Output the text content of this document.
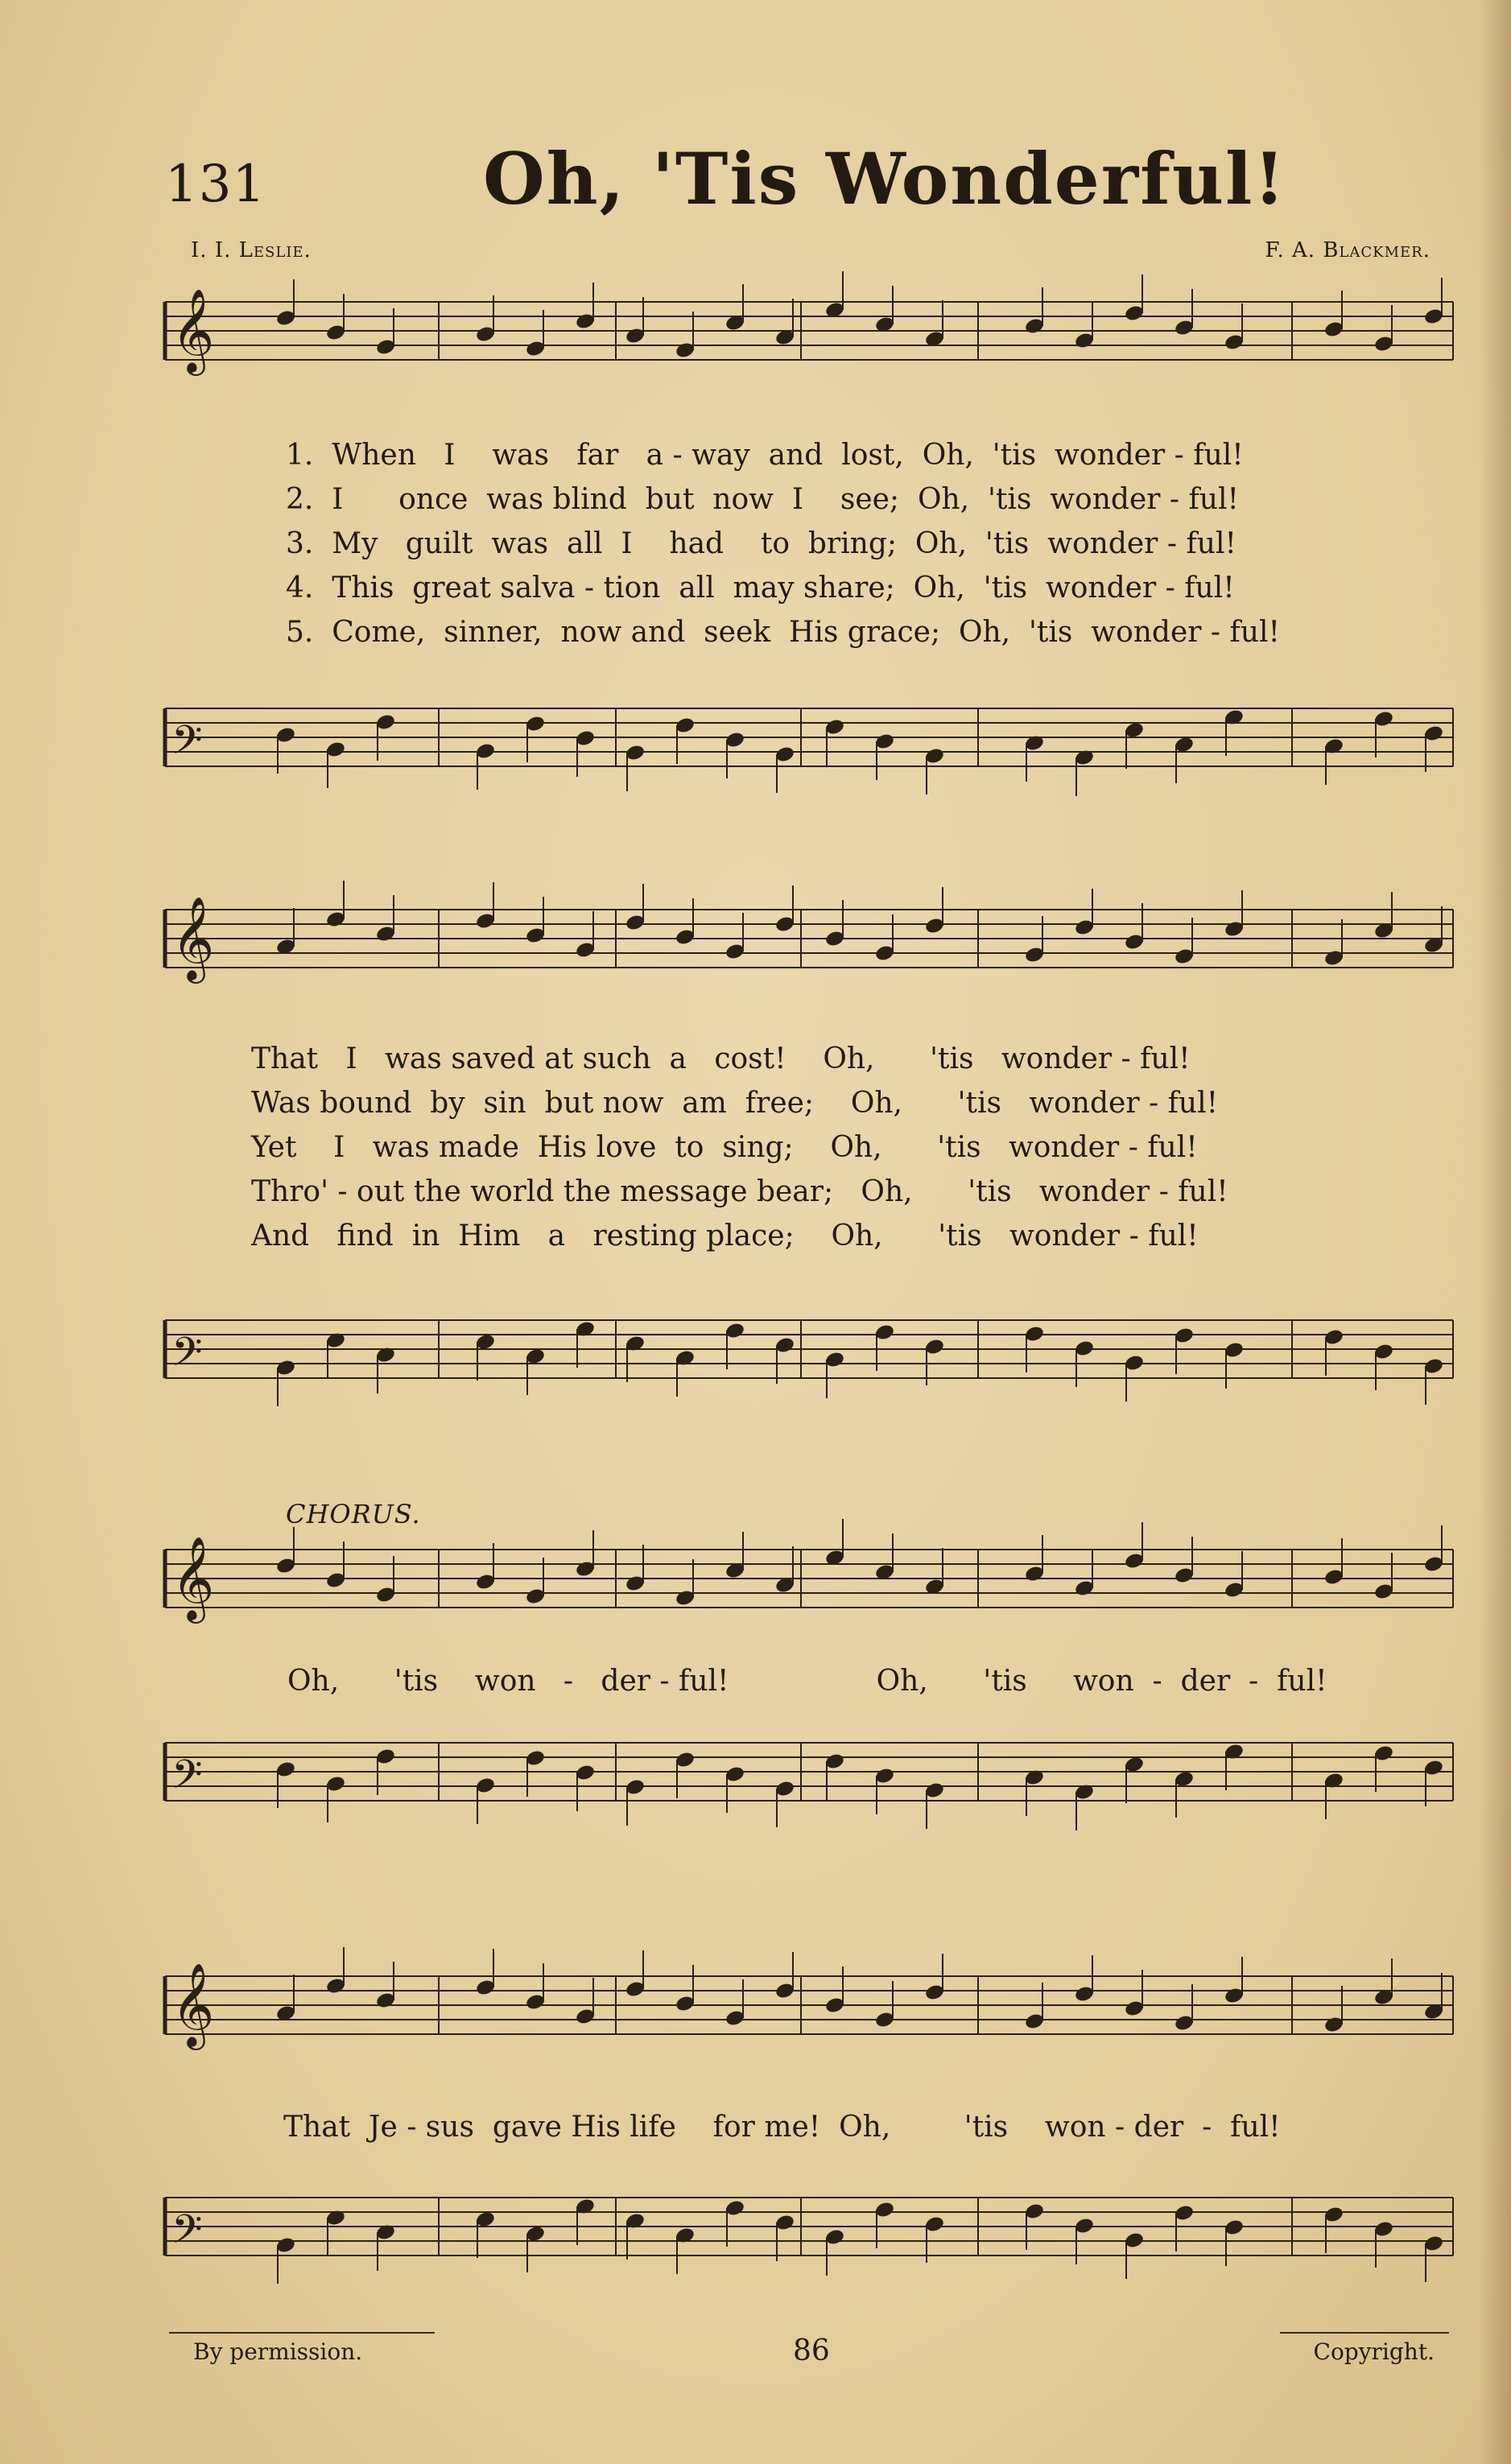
131	Oh, 'Tis Wonderful!
I. I. Leslie.	F. A. Blackmer.
𝄞
𝄢
1.  When   I    was   far   a - way  and  lost,  Oh,  'tis  wonder - ful!
2.  I      once  was blind  but  now  I    see;  Oh,  'tis  wonder - ful!
3.  My   guilt  was  all  I    had    to  bring;  Oh,  'tis  wonder - ful!
4.  This  great salva - tion  all  may share;  Oh,  'tis  wonder - ful!
5.  Come,  sinner,  now and  seek  His grace;  Oh,  'tis  wonder - ful!
𝄞
𝄢
That   I   was saved at such  a   cost!    Oh,      'tis   wonder - ful!
Was bound  by  sin  but now  am  free;    Oh,      'tis   wonder - ful!
Yet    I   was made  His love  to  sing;    Oh,      'tis   wonder - ful!
Thro' - out the world the message bear;   Oh,      'tis   wonder - ful!
And   find  in  Him   a   resting place;    Oh,      'tis   wonder - ful!
CHORUS.
𝄞
Oh,      'tis    won   -   der - ful!                Oh,      'tis     won  -  der  -  ful!
𝄢
𝄞
That  Je - sus  gave His life    for me!  Oh,        'tis    won - der  -  ful!
𝄢
By permission.	86	Copyright.
